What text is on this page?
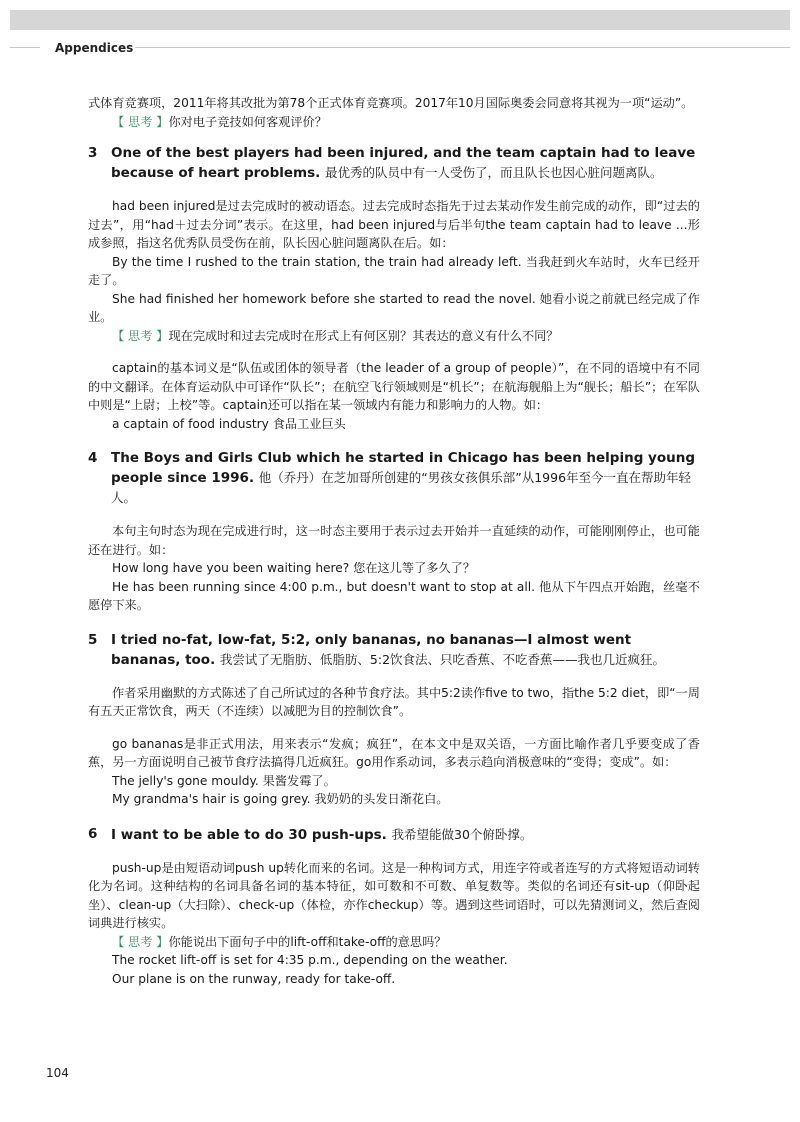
Appendices

式体育竞赛项，2011年将其改批为第78个正式体育竞赛项。2017年10月国际奥委会同意将其视为一项“运动”。

【 思考 】你对电子竞技如何客观评价？

3 One of the best players had been injured, and the team captain had to leave because of heart problems. 最优秀的队员中有一人受伤了，而且队长也因心脏问题离队。

had been injured是过去完成时的被动语态。过去完成时态指先于过去某动作发生前完成的动作，即“过去的过去”，用“had＋过去分词”表示。在这里，had been injured与后半句the team captain had to leave ...形成参照，指这名优秀队员受伤在前，队长因心脏问题离队在后。如：

By the time I rushed to the train station, the train had already left. 当我赶到火车站时，火车已经开走了。

She had finished her homework before she started to read the novel. 她看小说之前就已经完成了作业。

【 思考 】现在完成时和过去完成时在形式上有何区别？其表达的意义有什么不同？

captain的基本词义是“队伍或团体的领导者（the leader of a group of people）”，在不同的语境中有不同的中文翻译。在体育运动队中可译作“队长”；在航空飞行领域则是“机长”；在航海舰船上为“舰长；船长”；在军队中则是“上尉；上校”等。captain还可以指在某一领域内有能力和影响力的人物。如：

a captain of food industry 食品工业巨头

4 The Boys and Girls Club which he started in Chicago has been helping young people since 1996. 他（乔丹）在芝加哥所创建的“男孩女孩俱乐部”从1996年至今一直在帮助年轻人。

本句主句时态为现在完成进行时，这一时态主要用于表示过去开始并一直延续的动作，可能刚刚停止，也可能还在进行。如：

How long have you been waiting here? 您在这儿等了多久了？

He has been running since 4:00 p.m., but doesn't want to stop at all. 他从下午四点开始跑，丝毫不愿停下来。

5 I tried no-fat, low-fat, 5:2, only bananas, no bananas—I almost went bananas, too. 我尝试了无脂肪、低脂肪、5:2饮食法、只吃香蕉、不吃香蕉——我也几近疯狂。

作者采用幽默的方式陈述了自己所试过的各种节食疗法。其中5:2读作five to two，指the 5:2 diet，即“一周有五天正常饮食，两天（不连续）以减肥为目的控制饮食”。

go bananas是非正式用法，用来表示“发疯；疯狂”，在本文中是双关语，一方面比喻作者几乎要变成了香蕉，另一方面说明自己被节食疗法搞得几近疯狂。go用作系动词，多表示趋向消极意味的“变得；变成”。如：

The jelly's gone mouldy. 果酱发霉了。

My grandma's hair is going grey. 我奶奶的头发日渐花白。

6 I want to be able to do 30 push-ups. 我希望能做30个俯卧撑。

push-up是由短语动词push up转化而来的名词。这是一种构词方式，用连字符或者连写的方式将短语动词转化为名词。这种结构的名词具备名词的基本特征，如可数和不可数、单复数等。类似的名词还有sit-up（仰卧起坐）、clean-up（大扫除）、check-up（体检，亦作checkup）等。遇到这些词语时，可以先猜测词义，然后查阅词典进行核实。

【 思考 】你能说出下面句子中的lift-off和take-off的意思吗？

The rocket lift-off is set for 4:35 p.m., depending on the weather.

Our plane is on the runway, ready for take-off.

104
